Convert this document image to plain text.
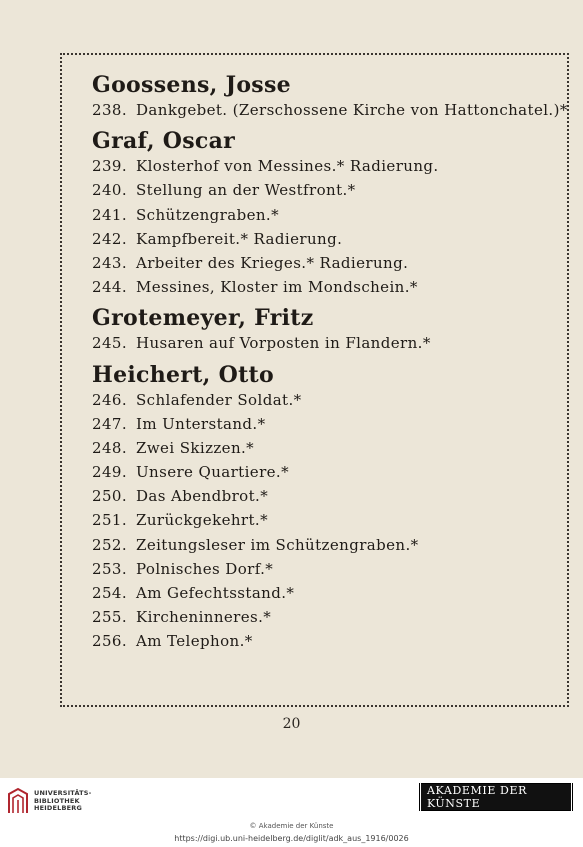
Goossens, Josse
238. Dankgebet. (Zerschossene Kirche von Hattonchatel.)*
Graf, Oscar
239. Klosterhof von Messines.* Radierung.
240. Stellung an der Westfront.*
241. Schützengraben.*
242. Kampfbereit.* Radierung.
243. Arbeiter des Krieges.* Radierung.
244. Messines, Kloster im Mondschein.*
Grotemeyer, Fritz
245. Husaren auf Vorposten in Flandern.*
Heichert, Otto
246. Schlafender Soldat.*
247. Im Unterstand.*
248. Zwei Skizzen.*
249. Unsere Quartiere.*
250. Das Abendbrot.*
251. Zurückgekehrt.*
252. Zeitungsleser im Schützengraben.*
253. Polnisches Dorf.*
254. Am Gefechtsstand.*
255. Kircheninneres.*
256. Am Telephon.*
20
UNIVERSITÄTS-
BIBLIOTHEK
HEIDELBERG
AKADEMIE DER KÜNSTE
© Akademie der Künste
https://digi.ub.uni-heidelberg.de/diglit/adk_aus_1916/0026
